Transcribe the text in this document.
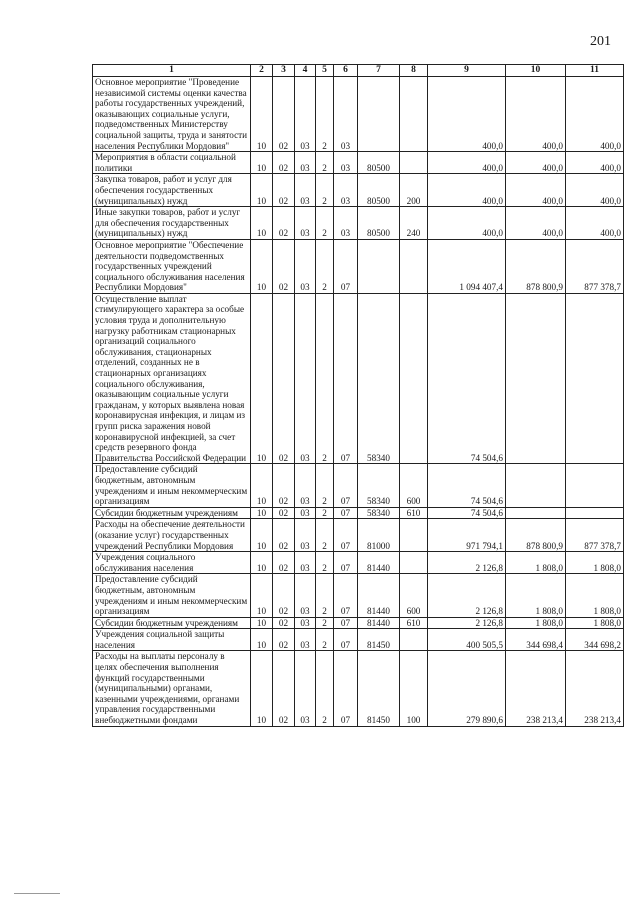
201
1	2	3	4	5	6	7	8	9	10	11
Основное мероприятие "Проведение независимой системы оценки качества работы государственных учреждений, оказывающих социальные услуги, подведомственных Министерству социальной защиты, труда и занятости населения Республики Мордовия"	10	02	03	2	03			400,0	400,0	400,0
Мероприятия в области социальной политики	10	02	03	2	03	80500		400,0	400,0	400,0
Закупка товаров, работ и услуг для обеспечения государственных (муниципальных) нужд	10	02	03	2	03	80500	200	400,0	400,0	400,0
Иные закупки товаров, работ и услуг для обеспечения государственных (муниципальных) нужд	10	02	03	2	03	80500	240	400,0	400,0	400,0
Основное мероприятие "Обеспечение деятельности подведомственных государственных учреждений социального обслуживания населения Республики Мордовия"	10	02	03	2	07			1 094 407,4	878 800,9	877 378,7
Осуществление выплат стимулирующего характера за особые условия труда и дополнительную нагрузку работникам стационарных организаций социального обслуживания, стационарных отделений, созданных не в стационарных организациях социального обслуживания, оказывающим социальные услуги гражданам, у которых выявлена новая коронавирусная инфекция, и лицам из групп риска заражения новой коронавирусной инфекцией, за счет средств резервного фонда Правительства Российской Федерации	10	02	03	2	07	58340		74 504,6		
Предоставление субсидий бюджетным, автономным учреждениям и иным некоммерческим организациям	10	02	03	2	07	58340	600	74 504,6		
Субсидии бюджетным учреждениям	10	02	03	2	07	58340	610	74 504,6		
Расходы на обеспечение деятельности (оказание услуг) государственных учреждений Республики Мордовия	10	02	03	2	07	81000		971 794,1	878 800,9	877 378,7
Учреждения социального обслуживания населения	10	02	03	2	07	81440		2 126,8	1 808,0	1 808,0
Предоставление субсидий бюджетным, автономным учреждениям и иным некоммерческим организациям	10	02	03	2	07	81440	600	2 126,8	1 808,0	1 808,0
Субсидии бюджетным учреждениям	10	02	03	2	07	81440	610	2 126,8	1 808,0	1 808,0
Учреждения социальной защиты населения	10	02	03	2	07	81450		400 505,5	344 698,4	344 698,2
Расходы на выплаты персоналу в целях обеспечения выполнения функций государственными (муниципальными) органами, казенными учреждениями, органами управления государственными внебюджетными фондами	10	02	03	2	07	81450	100	279 890,6	238 213,4	238 213,4
